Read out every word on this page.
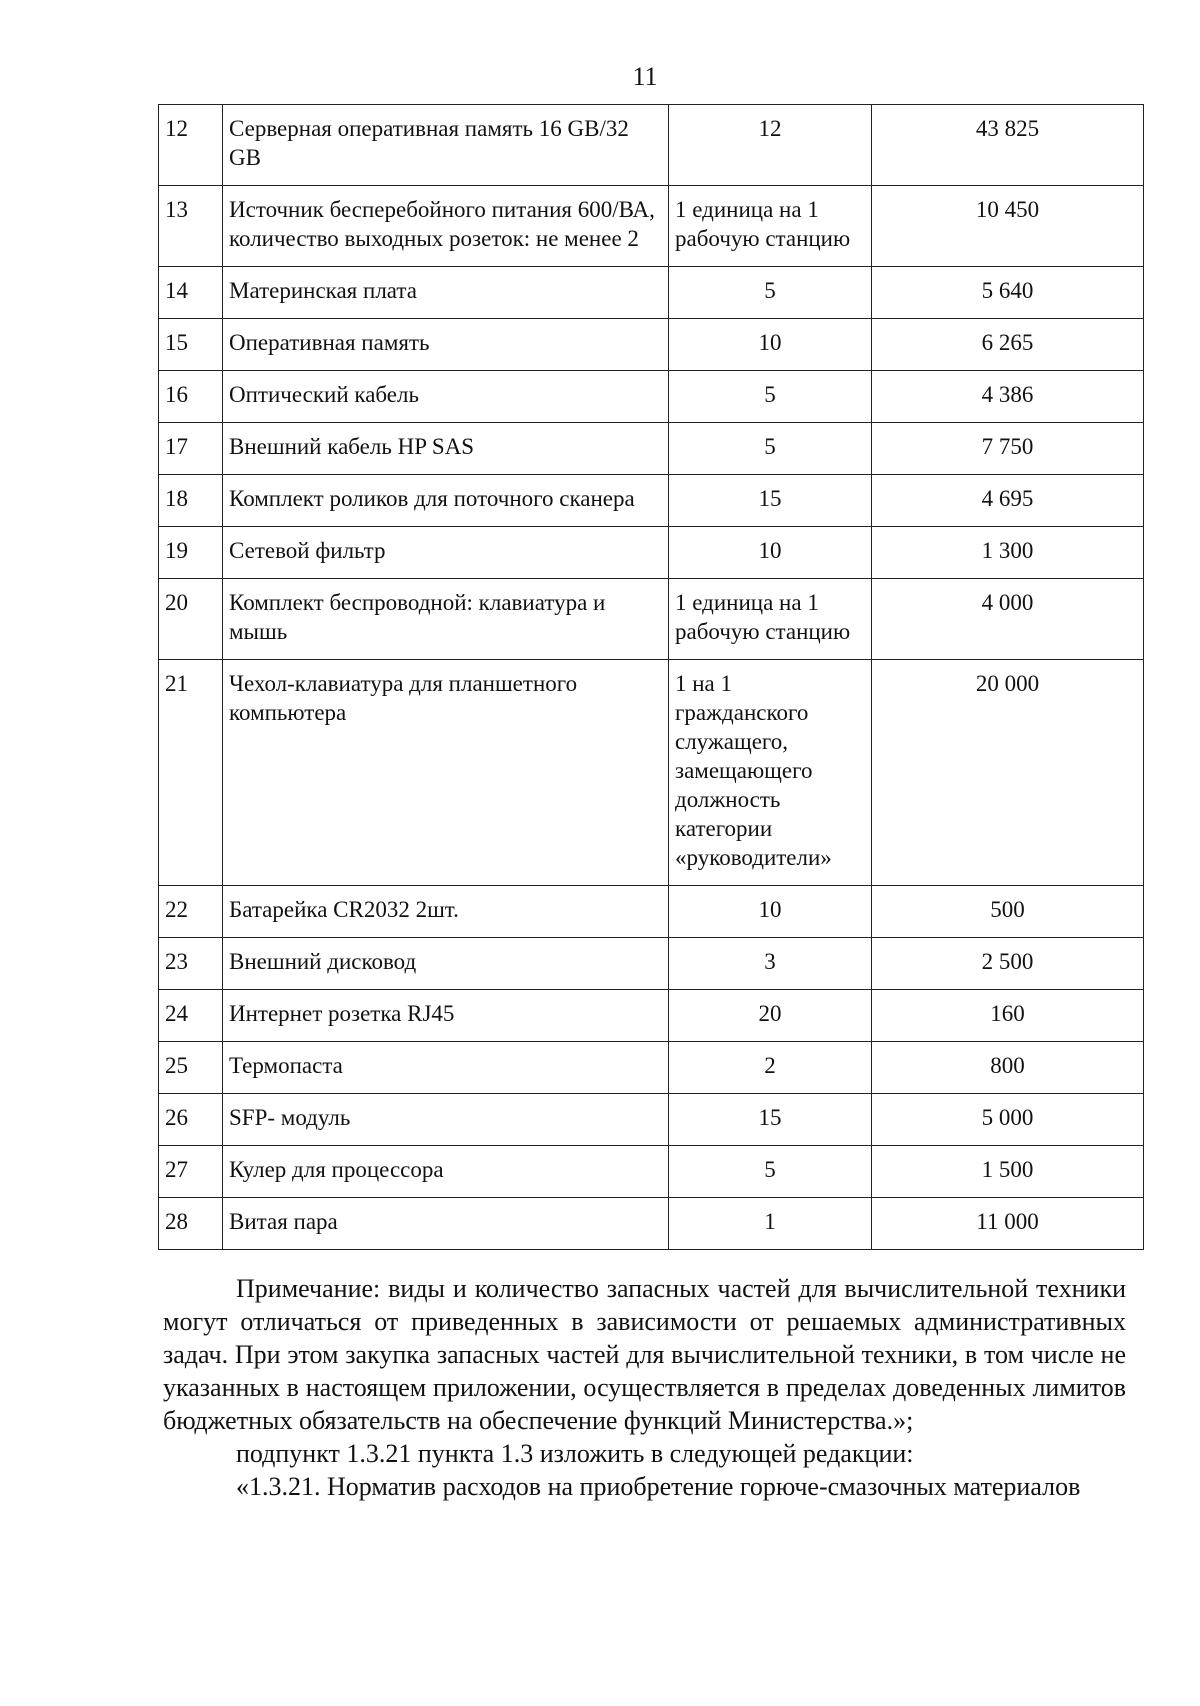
11
12	Серверная оперативная память 16 GB/32 GB	12	43 825
13	Источник бесперебойного питания 600/ВА, количество выходных розеток: не менее 2	1 единица на 1 рабочую станцию	10 450
14	Материнская плата	5	5 640
15	Оперативная память	10	6 265
16	Оптический кабель	5	4 386
17	Внешний кабель HP SAS	5	7 750
18	Комплект роликов для поточного сканера	15	4 695
19	Сетевой фильтр	10	1 300
20	Комплект беспроводной: клавиатура и мышь	1 единица на 1 рабочую станцию	4 000
21	Чехол-клавиатура для планшетного компьютера	1 на 1 гражданского служащего, замещающего должность категории «руководители»	20 000
22	Батарейка CR2032 2шт.	10	500
23	Внешний дисковод	3	2 500
24	Интернет розетка RJ45	20	160
25	Термопаста	2	800
26	SFP- модуль	15	5 000
27	Кулер для процессора	5	1 500
28	Витая пара	1	11 000

Примечание: виды и количество запасных частей для вычислительной техники могут отличаться от приведенных в зависимости от решаемых административных задач. При этом закупка запасных частей для вычислительной техники, в том числе не указанных в настоящем приложении, осуществляется в пределах доведенных лимитов бюджетных обязательств на обеспечение функций Министерства.»;

подпункт 1.3.21 пункта 1.3 изложить в следующей редакции:

«1.3.21. Норматив расходов на приобретение горюче-смазочных материалов
